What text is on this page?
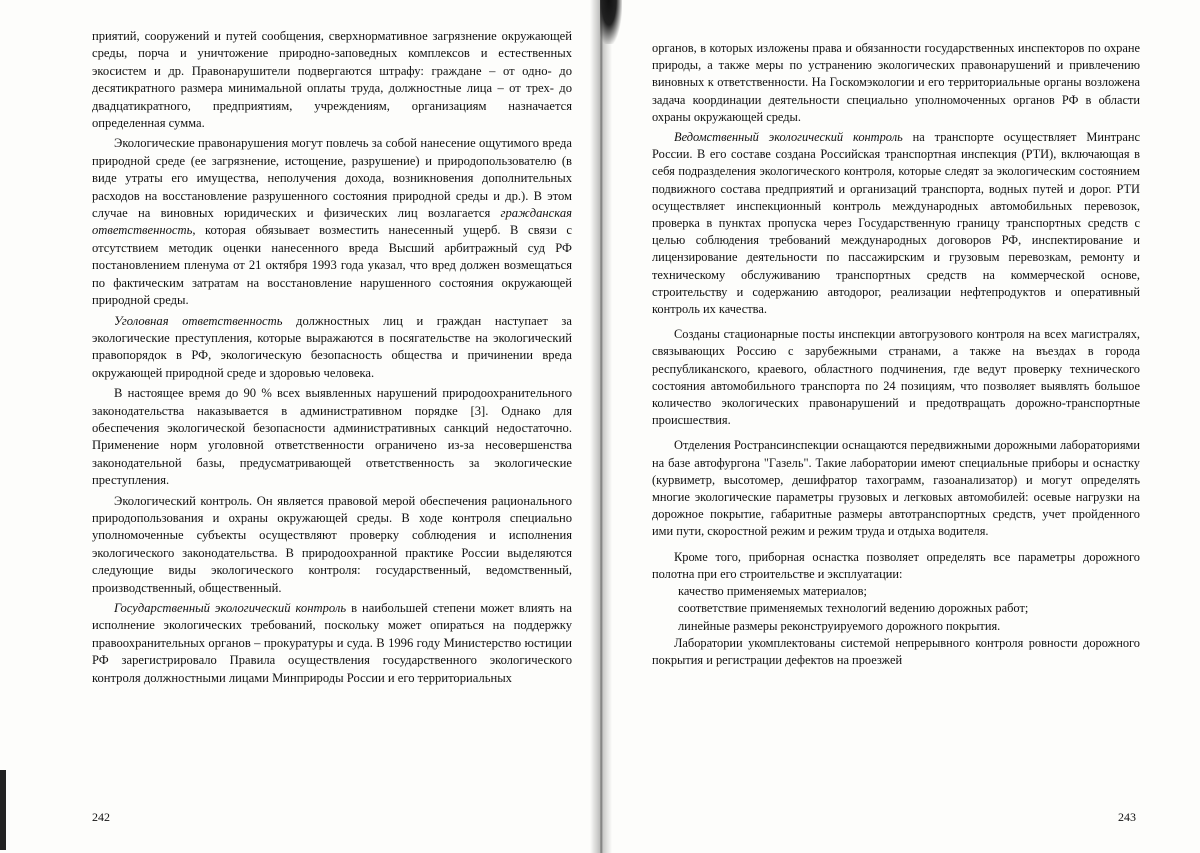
приятий, сооружений и путей сообщения, сверхнормативное загрязнение окружающей среды, порча и уничтожение природно-заповедных комплексов и естественных экосистем и др. Правонарушители подвергаются штрафу: граждане – от одно- до десятикратного размера минимальной оплаты труда, должностные лица – от трех- до двадцатикратного, предприятиям, учреждениям, организациям назначается определенная сумма.

Экологические правонарушения могут повлечь за собой нанесение ощутимого вреда природной среде (ее загрязнение, истощение, разрушение) и природопользователю (в виде утраты его имущества, неполучения дохода, возникновения дополнительных расходов на восстановление разрушенного состояния природной среды и др.). В этом случае на виновных юридических и физических лиц возлагается гражданская ответственность, которая обязывает возместить нанесенный ущерб. В связи с отсутствием методик оценки нанесенного вреда Высший арбитражный суд РФ постановлением пленума от 21 октября 1993 года указал, что вред должен возмещаться по фактическим затратам на восстановление нарушенного состояния окружающей природной среды.

Уголовная ответственность должностных лиц и граждан наступает за экологические преступления, которые выражаются в посягательстве на экологический правопорядок в РФ, экологическую безопасность общества и причинении вреда окружающей природной среде и здоровью человека.

В настоящее время до 90 % всех выявленных нарушений природоохранительного законодательства наказывается в административном порядке [3]. Однако для обеспечения экологической безопасности административных санкций недостаточно. Применение норм уголовной ответственности ограничено из-за несовершенства законодательной базы, предусматривающей ответственность за экологические преступления.

Экологический контроль. Он является правовой мерой обеспечения рационального природопользования и охраны окружающей среды. В ходе контроля специально уполномоченные субъекты осуществляют проверку соблюдения и исполнения экологического законодательства. В природоохранной практике России выделяются следующие виды экологического контроля: государственный, ведомственный, производственный, общественный.

Государственный экологический контроль в наибольшей степени может влиять на исполнение экологических требований, поскольку может опираться на поддержку правоохранительных органов – прокуратуры и суда. В 1996 году Министерство юстиции РФ зарегистрировало Правила осуществления государственного экологического контроля должностными лицами Минприроды России и его территориальных

242

органов, в которых изложены права и обязанности государственных инспекторов по охране природы, а также меры по устранению экологических правонарушений и привлечению виновных к ответственности. На Госкомэкологии и его территориальные органы возложена задача координации деятельности специально уполномоченных органов РФ в области охраны окружающей среды.

Ведомственный экологический контроль на транспорте осуществляет Минтранс России. В его составе создана Российская транспортная инспекция (РТИ), включающая в себя подразделения экологического контроля, которые следят за экологическим состоянием подвижного состава предприятий и организаций транспорта, водных путей и дорог. РТИ осуществляет инспекционный контроль международных автомобильных перевозок, проверка в пунктах пропуска через Государственную границу транспортных средств с целью соблюдения требований международных договоров РФ, инспектирование и лицензирование деятельности по пассажирским и грузовым перевозкам, ремонту и техническому обслуживанию транспортных средств на коммерческой основе, строительству и содержанию автодорог, реализации нефтепродуктов и оперативный контроль их качества.

Созданы стационарные посты инспекции автогрузового контроля на всех магистралях, связывающих Россию с зарубежными странами, а также на въездах в города республиканского, краевого, областного подчинения, где ведут проверку технического состояния автомобильного транспорта по 24 позициям, что позволяет выявлять большое количество экологических правонарушений и предотвращать дорожно-транспортные происшествия.

Отделения Ространсинспекции оснащаются передвижными дорожными лабораториями на базе автофургона "Газель". Такие лаборатории имеют специальные приборы и оснастку (курвиметр, высотомер, дешифратор тахограмм, газоанализатор) и могут определять многие экологические параметры грузовых и легковых автомобилей: осевые нагрузки на дорожное покрытие, габаритные размеры автотранспортных средств, учет пройденного ими пути, скоростной режим и режим труда и отдыха водителя.

Кроме того, приборная оснастка позволяет определять все параметры дорожного полотна при его строительстве и эксплуатации:

качество применяемых материалов;

соответствие применяемых технологий ведению дорожных работ;

линейные размеры реконструируемого дорожного покрытия.

Лаборатории укомплектованы системой непрерывного контроля ровности дорожного покрытия и регистрации дефектов на проезжей

243
